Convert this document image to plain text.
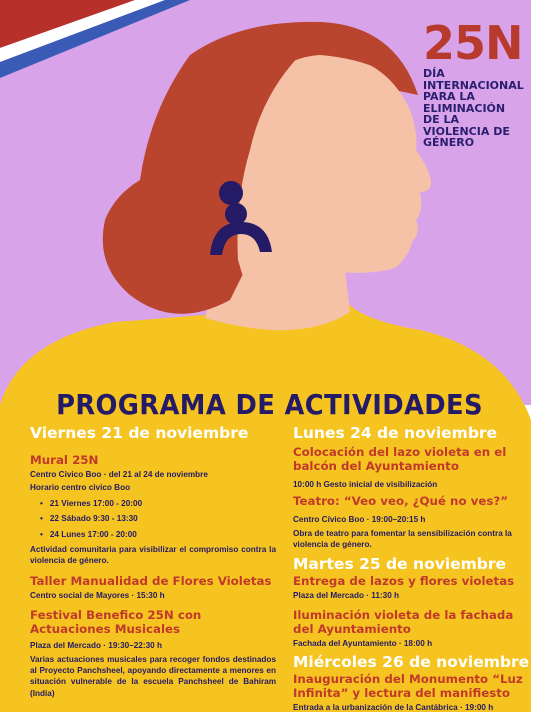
25N
DÍA
INTERNACIONAL
PARA LA
ELIMINACIÓN
DE LA
VIOLENCIA DE
GÉNERO
PROGRAMA DE ACTIVIDADES
Viernes 21 de noviembre
Mural 25N
Centro Civico Boo · del 21 al 24 de noviembre
Horario centro civico Boo
• 21 Viernes 17:00 - 20:00
• 22 Sábado 9:30 - 13:30
• 24 Lunes 17:00 - 20:00
Actividad comunitaria para visibilizar el compromiso contra la violencia de género.
Taller Manualidad de Flores Violetas
Centro social de Mayores · 15:30 h
Festival Benefico 25N con Actuaciones Musicales
Plaza del Mercado · 19:30–22:30 h
Varias actuaciones musicales para recoger fondos destinados al Proyecto Panchsheel, apoyando directamente a menores en situación vulnerable de la escuela Panchsheel de Bahiram (India)
Lunes 24 de noviembre
Colocación del lazo violeta en el balcón del Ayuntamiento
10:00 h Gesto inicial de visibilización
Teatro: “Veo veo, ¿Qué no ves?”
Centro Cívico Boo · 19:00–20:15 h
Obra de teatro para fomentar la sensibilización contra la violencia de género.
Martes 25 de noviembre
Entrega de lazos y flores violetas
Plaza del Mercado · 11:30 h
Iluminación violeta de la fachada del Ayuntamiento
Fachada del Ayuntamiento · 18:00 h
Miércoles 26 de noviembre
Inauguración del Monumento “Luz Infinita” y lectura del manifiesto
Entrada a la urbanización de la Cantábrica · 19:00 h
